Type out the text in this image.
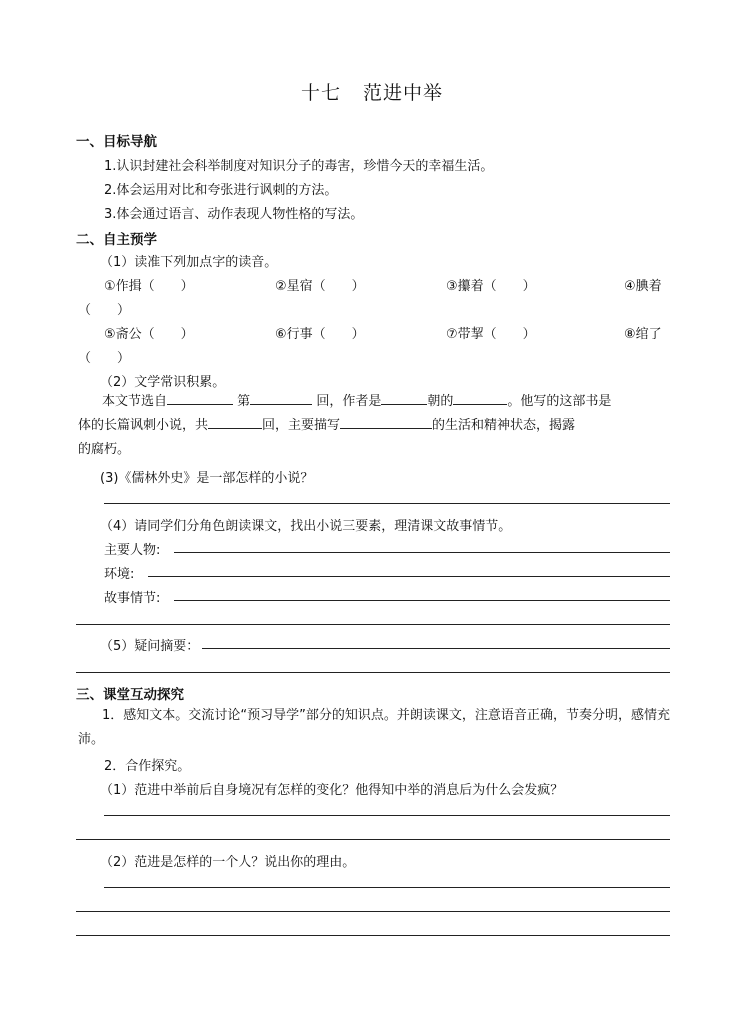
十七 范进中举
一、目标导航
1.认识封建社会科举制度对知识分子的毒害，珍惜今天的幸福生活。
2.体会运用对比和夸张进行讽刺的方法。
3.体会通过语言、动作表现人物性格的写法。
二、自主预学
（1）读准下列加点字的读音。
①作揖（　　）	②星宿（　　）	③攥着（　　）	④腆着
（　　）
⑤斋公（　　）	⑥行事（　　）	⑦带挈（　　）	⑧绾了
（　　）
（2）文学常识积累。
本文节选自	第	回，作者是	朝的	。他写的这部书是
体的长篇讽刺小说，共	回，主要描写	的生活和精神状态，揭露
的腐朽。
(3)《儒林外史》是一部怎样的小说？
（4）请同学们分角色朗读课文，找出小说三要素，理清课文故事情节。
主要人物:
环境:
故事情节:
（5）疑问摘要：
三、课堂互动探究
1．感知文本。交流讨论“预习导学”部分的知识点。并朗读课文，注意语音正确，节奏分明，感情充沛。
2．合作探究。
（1）范进中举前后自身境况有怎样的变化？他得知中举的消息后为什么会发疯？
（2）范进是怎样的一个人？说出你的理由。
